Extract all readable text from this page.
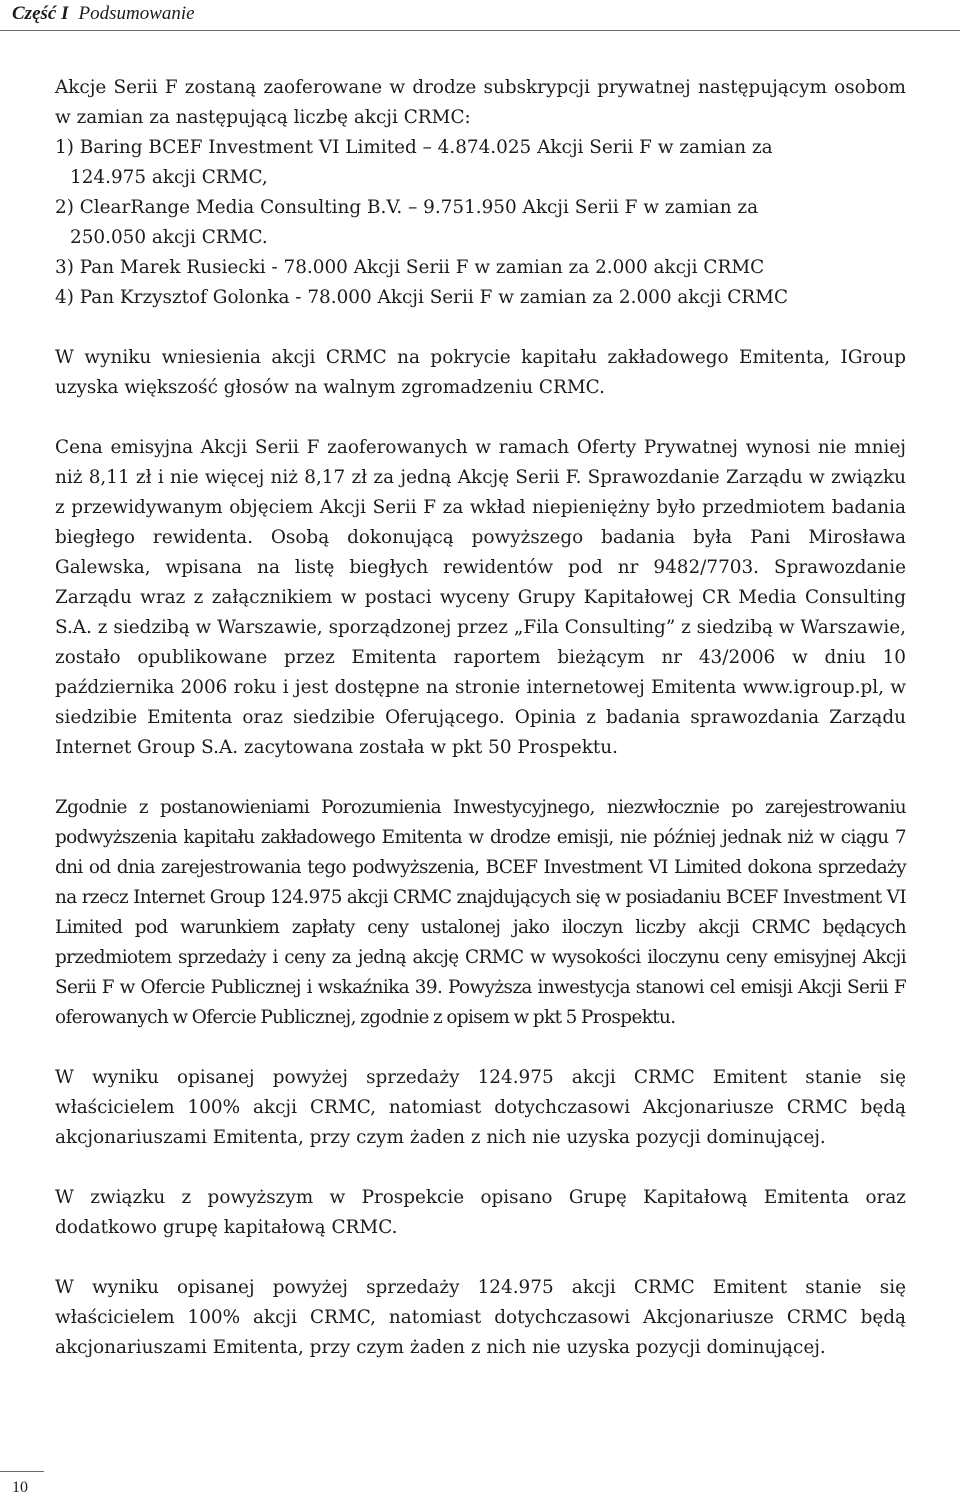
Część I Podsumowanie

Akcje Serii F zostaną zaoferowane w drodze subskrypcji prywatnej następującym osobom w zamian za następującą liczbę akcji CRMC:

1) Baring BCEF Investment VI Limited – 4.874.025 Akcji Serii F w zamian za
124.975 akcji CRMC,
2) ClearRange Media Consulting B.V. – 9.751.950 Akcji Serii F w zamian za
250.050 akcji CRMC.
3) Pan Marek Rusiecki - 78.000 Akcji Serii F w zamian za 2.000 akcji CRMC
4) Pan Krzysztof Golonka - 78.000 Akcji Serii F w zamian za 2.000 akcji CRMC

W wyniku wniesienia akcji CRMC na pokrycie kapitału zakładowego Emitenta, IGroup uzyska większość głosów na walnym zgromadzeniu CRMC.

Cena emisyjna Akcji Serii F zaoferowanych w ramach Oferty Prywatnej wynosi nie mniej niż 8,11 zł i nie więcej niż 8,17 zł za jedną Akcję Serii F. Sprawozdanie Zarządu w związku z przewidywanym objęciem Akcji Serii F za wkład niepieniężny było przedmiotem badania biegłego rewidenta. Osobą dokonującą powyższego badania była Pani Mirosława Galewska, wpisana na listę biegłych rewidentów pod nr 9482/7703. Sprawozdanie Zarządu wraz z załącznikiem w postaci wyceny Grupy Kapitałowej CR Media Consulting S.A. z siedzibą w Warszawie, sporządzonej przez „Fila Consulting” z siedzibą w Warszawie, zostało opublikowane przez Emitenta raportem bieżącym nr 43/2006 w dniu 10 października 2006 roku i jest dostępne na stronie internetowej Emitenta www.igroup.pl, w siedzibie Emitenta oraz siedzibie Oferującego. Opinia z badania sprawozdania Zarządu Internet Group S.A. zacytowana została w pkt 50 Prospektu.

Zgodnie z postanowieniami Porozumienia Inwestycyjnego, niezwłocznie po zarejestrowaniu podwyższenia kapitału zakładowego Emitenta w drodze emisji, nie później jednak niż w ciągu 7 dni od dnia zarejestrowania tego podwyższenia, BCEF Investment VI Limited dokona sprzedaży na rzecz Internet Group 124.975 akcji CRMC znajdujących się w posiadaniu BCEF Investment VI Limited pod warunkiem zapłaty ceny ustalonej jako iloczyn liczby akcji CRMC będących przedmiotem sprzedaży i ceny za jedną akcję CRMC w wysokości iloczynu ceny emisyjnej Akcji Serii F w Ofercie Publicznej i wskaźnika 39. Powyższa inwestycja stanowi cel emisji Akcji Serii F oferowanych w Ofercie Publicznej, zgodnie z opisem w pkt 5 Prospektu.

W wyniku opisanej powyżej sprzedaży 124.975 akcji CRMC Emitent stanie się właścicielem 100% akcji CRMC, natomiast dotychczasowi Akcjonariusze CRMC będą akcjonariuszami Emitenta, przy czym żaden z nich nie uzyska pozycji dominującej.

W związku z powyższym w Prospekcie opisano Grupę Kapitałową Emitenta oraz dodatkowo grupę kapitałową CRMC.

W wyniku opisanej powyżej sprzedaży 124.975 akcji CRMC Emitent stanie się właścicielem 100% akcji CRMC, natomiast dotychczasowi Akcjonariusze CRMC będą akcjonariuszami Emitenta, przy czym żaden z nich nie uzyska pozycji dominującej.

10
